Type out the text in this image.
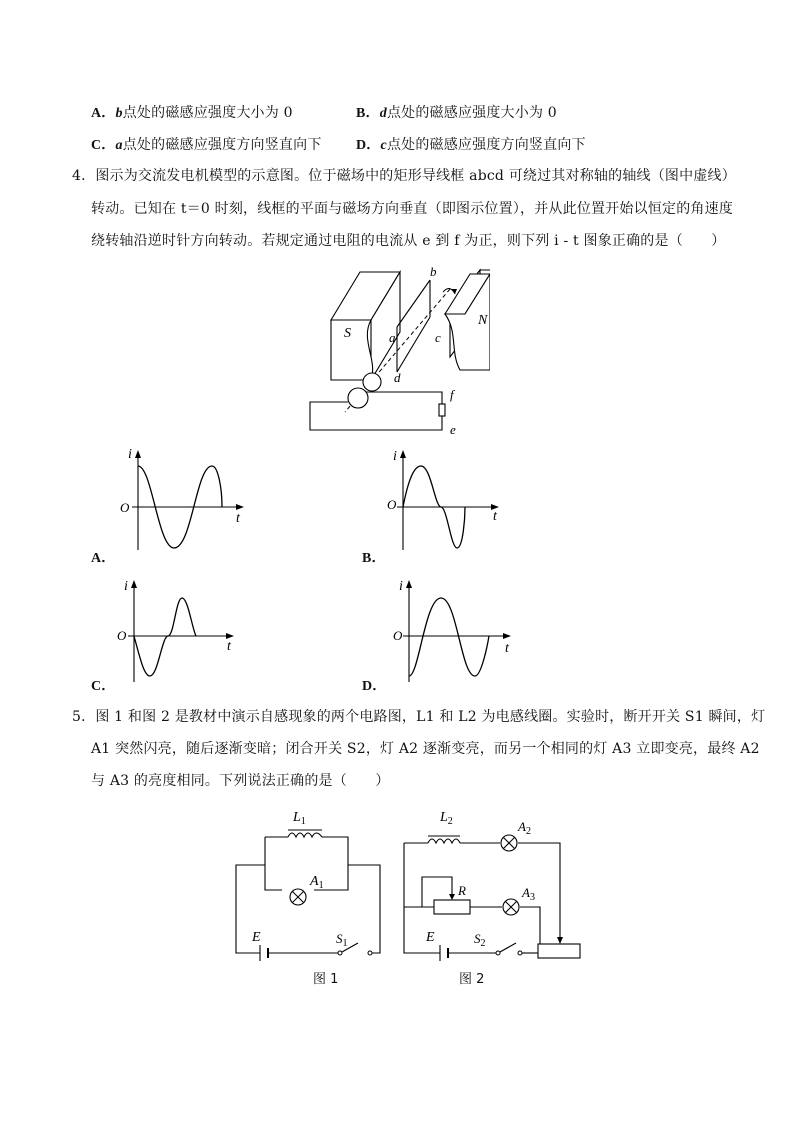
A．b点处的磁感应强度大小为 0	B．d点处的磁感应强度大小为 0
C．a点处的磁感应强度方向竖直向下 D．c点处的磁感应强度方向竖直向下
4．图示为交流发电机模型的示意图。位于磁场中的矩形导线框 abcd 可绕过其对称轴的轴线（图中虚线）
转动。已知在 t＝0 时刻，线框的平面与磁场方向垂直（即图示位置），并从此位置开始以恒定的角速度
绕转轴沿逆时针方向转动。若规定通过电阻的电流从 e 到 f 为正，则下列 i - t 图象正确的是（　　）
S
N
b
a	c
d
f
e
i
t
O
A．
i
t
O
B．
i
t
O
C．
i
t
O
D．
5．图 1 和图 2 是教材中演示自感现象的两个电路图，L1 和 L2 为电感线圈。实验时，断开开关 S1 瞬间，灯
A1 突然闪亮，随后逐渐变暗；闭合开关 S2，灯 A2 逐渐变亮，而另一个相同的灯 A3 立即变亮，最终 A2
与 A3 的亮度相同。下列说法正确的是（　　）
$L_1$
$A_1$
E	$S_1$
图 1
$L_2$	$A_2$
R	$A_3$
E	$S_2$
图 2
